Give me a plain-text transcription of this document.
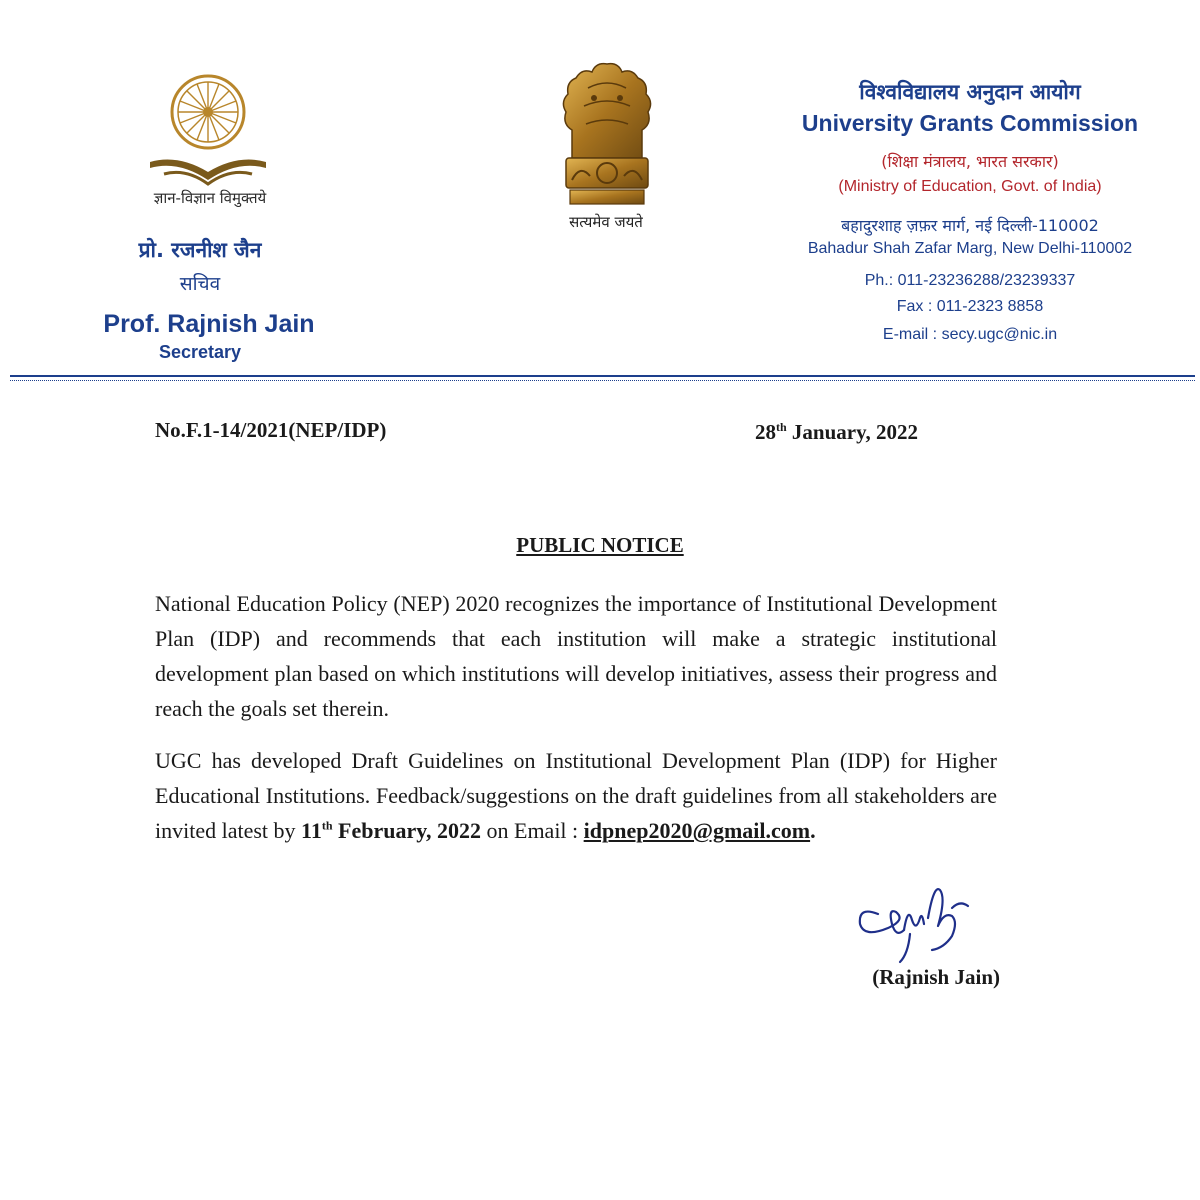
ज्ञान-विज्ञान विमुक्तये
प्रो. रजनीश जैन
सचिव
Prof. Rajnish Jain
Secretary
सत्यमेव जयते
विश्वविद्यालय अनुदान आयोग
University Grants Commission
(शिक्षा मंत्रालय, भारत सरकार)
(Ministry of Education, Govt. of India)
बहादुरशाह ज़फ़र मार्ग, नई दिल्ली-110002
Bahadur Shah Zafar Marg, New Delhi-110002
Ph.: 011-23236288/23239337
Fax : 011-2323 8858
E-mail : secy.ugc@nic.in
No.F.1-14/2021(NEP/IDP)	28th January, 2022
PUBLIC NOTICE
National Education Policy (NEP) 2020 recognizes the importance of Institutional Development Plan (IDP) and recommends that each institution will make a strategic institutional development plan based on which institutions will develop initiatives, assess their progress and reach the goals set therein.
UGC has developed Draft Guidelines on Institutional Development Plan (IDP) for Higher Educational Institutions. Feedback/suggestions on the draft guidelines from all stakeholders are invited latest by 11th February, 2022 on Email : idpnep2020@gmail.com.
(Rajnish Jain)
